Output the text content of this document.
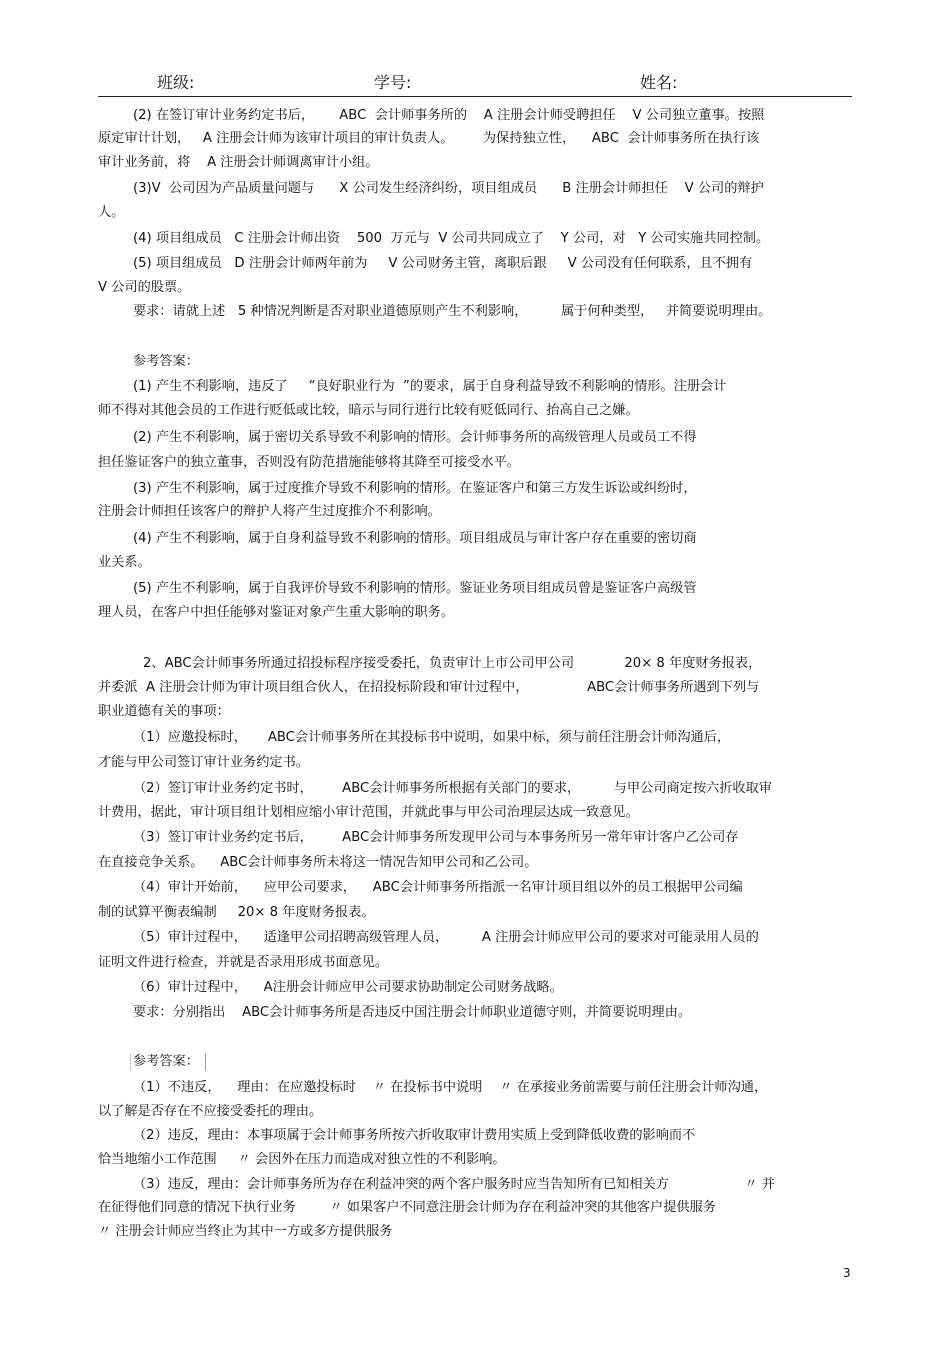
班级:	学号:	姓名:
(2) 在签订审计业务约定书后，      ABC  会计师事务所的    A 注册会计师受聘担任    V 公司独立董事。按照
原定审计计划，   A 注册会计师为该审计项目的审计负责人。       为保持独立性，    ABC  会计师事务所在执行该
审计业务前，将    A 注册会计师调离审计小组。
(3)V  公司因为产品质量问题与      X 公司发生经济纠纷，项目组成员      B 注册会计师担任    V 公司的辩护
人。
(4) 项目组成员   C 注册会计师出资    500  万元与  V 公司共同成立了    Y 公司，对   Y 公司实施共同控制。
(5) 项目组成员   D 注册会计师两年前为     V 公司财务主管，离职后跟     V 公司没有任何联系，且不拥有
V 公司的股票。
要求：请就上述   5 种情况判断是否对职业道德原则产生不利影响，        属于何种类型，   并简要说明理由。
参考答案：
(1) 产生不利影响，违反了     “良好职业行为  ”的要求，属于自身利益导致不利影响的情形。注册会计
师不得对其他会员的工作进行贬低或比较，暗示与同行进行比较有贬低同行、抬高自己之嫌。
(2) 产生不利影响，属于密切关系导致不利影响的情形。会计师事务所的高级管理人员或员工不得
担任鉴证客户的独立董事，否则没有防范措施能够将其降至可接受水平。
(3) 产生不利影响，属于过度推介导致不利影响的情形。在鉴证客户和第三方发生诉讼或纠纷时，
注册会计师担任该客户的辩护人将产生过度推介不利影响。
(4) 产生不利影响，属于自身利益导致不利影响的情形。项目组成员与审计客户存在重要的密切商
业关系。
(5) 产生不利影响，属于自我评价导致不利影响的情形。鉴证业务项目组成员曾是鉴证客户高级管
理人员，在客户中担任能够对鉴证对象产生重大影响的职务。
2、ABC会计师事务所通过招投标程序接受委托，负责审计上市公司甲公司            20× 8 年度财务报表，
并委派  A 注册会计师为审计项目组合伙人，在招投标阶段和审计过程中，              ABC会计师事务所遇到下列与
职业道德有关的事项：
（1）应邀投标时，     ABC会计师事务所在其投标书中说明，如果中标，须与前任注册会计师沟通后，
才能与甲公司签订审计业务约定书。
（2）签订审计业务约定书时，       ABC会计师事务所根据有关部门的要求，        与甲公司商定按六折收取审
计费用，据此，审计项目组计划相应缩小审计范围，并就此事与甲公司治理层达成一致意见。
（3）签订审计业务约定书后，       ABC会计师事务所发现甲公司与本事务所另一常年审计客户乙公司存
在直接竞争关系。    ABC会计师事务所未将这一情况告知甲公司和乙公司。
（4）审计开始前，    应甲公司要求，    ABC会计师事务所指派一名审计项目组以外的员工根据甲公司编
制的试算平衡表编制     20× 8 年度财务报表。
（5）审计过程中，    适逢甲公司招聘高级管理人员，        A 注册会计师应甲公司的要求对可能录用人员的
证明文件进行检查，并就是否录用形成书面意见。
（6）审计过程中，    A注册会计师应甲公司要求协助制定公司财务战略。
要求：分别指出    ABC会计师事务所是否违反中国注册会计师职业道德守则，并简要说明理由。
参考答案：
（1）不违反，    理由：在应邀投标时    〃 在投标书中说明    〃 在承接业务前需要与前任注册会计师沟通，
以了解是否存在不应接受委托的理由。
（2）违反，理由：本事项属于会计师事务所按六折收取审计费用实质上受到降低收费的影响而不
恰当地缩小工作范围     〃 会因外在压力而造成对独立性的不利影响。
（3）违反，理由：会计师事务所为存在利益冲突的两个客户服务时应当告知所有已知相关方                  〃 并
在征得他们同意的情况下执行业务        〃 如果客户不同意注册会计师为存在利益冲突的其他客户提供服务
〃 注册会计师应当终止为其中一方或多方提供服务
3
